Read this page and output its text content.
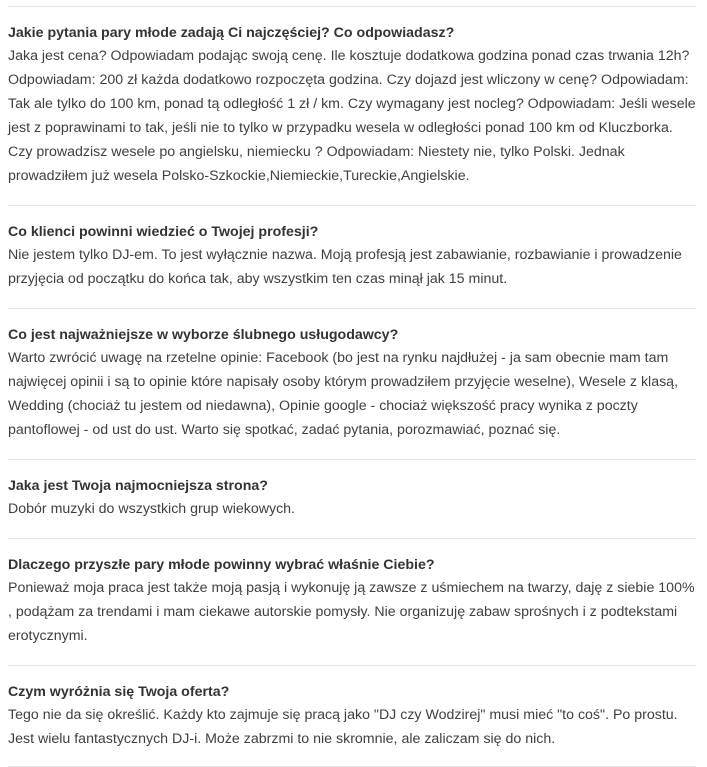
Jakie pytania pary młode zadają Ci najczęściej? Co odpowiadasz?

Jaka jest cena? Odpowiadam podając swoją cenę. Ile kosztuje dodatkowa godzina ponad czas trwania 12h? Odpowiadam: 200 zł każda dodatkowo rozpoczęta godzina. Czy dojazd jest wliczony w cenę? Odpowiadam: Tak ale tylko do 100 km, ponad tą odległość 1 zł / km. Czy wymagany jest nocleg? Odpowiadam: Jeśli wesele jest z poprawinami to tak, jeśli nie to tylko w przypadku wesela w odległości ponad 100 km od Kluczborka. Czy prowadzisz wesele po angielsku, niemiecku ? Odpowiadam: Niestety nie, tylko Polski. Jednak prowadziłem już wesela Polsko-Szkockie,Niemieckie,Tureckie,Angielskie.

Co klienci powinni wiedzieć o Twojej profesji?

Nie jestem tylko DJ-em. To jest wyłącznie nazwa. Moją profesją jest zabawianie, rozbawianie i prowadzenie przyjęcia od początku do końca tak, aby wszystkim ten czas minął jak 15 minut.

Co jest najważniejsze w wyborze ślubnego usługodawcy?

Warto zwrócić uwagę na rzetelne opinie: Facebook (bo jest na rynku najdłużej - ja sam obecnie mam tam najwięcej opinii i są to opinie które napisały osoby którym prowadziłem przyjęcie weselne), Wesele z klasą, Wedding (chociaż tu jestem od niedawna), Opinie google - chociaż większość pracy wynika z poczty pantoflowej - od ust do ust. Warto się spotkać, zadać pytania, porozmawiać, poznać się.

Jaka jest Twoja najmocniejsza strona?

Dobór muzyki do wszystkich grup wiekowych.

Dlaczego przyszłe pary młode powinny wybrać właśnie Ciebie?

Ponieważ moja praca jest także moją pasją i wykonuję ją zawsze z uśmiechem na twarzy, daję z siebie 100% , podążam za trendami i mam ciekawe autorskie pomysły. Nie organizuję zabaw sprośnych i z podtekstami erotycznymi.

Czym wyróżnia się Twoja oferta?

Tego nie da się określić. Każdy kto zajmuje się pracą jako "DJ czy Wodzirej" musi mieć "to coś". Po prostu. Jest wielu fantastycznych DJ-i. Może zabrzmi to nie skromnie, ale zaliczam się do nich.
